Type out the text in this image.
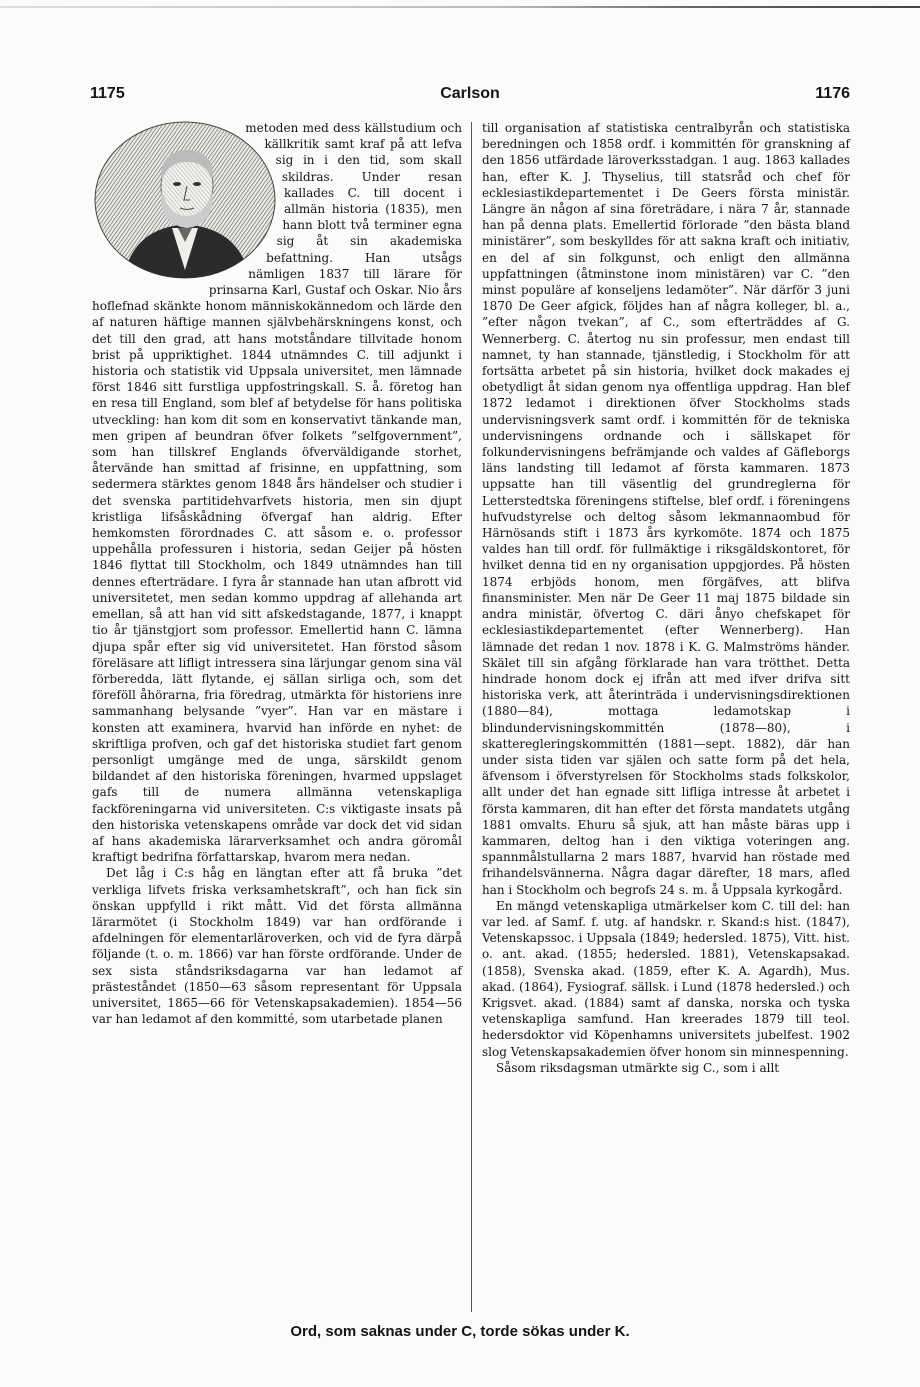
1175	Carlson	1176

metoden med dess källstudium och källkritik samt kraf på att lefva sig in i den tid, som skall skildras. Under resan kallades C. till docent i allmän historia (1835), men hann blott två terminer egna sig åt sin akademiska befattning. Han utsågs nämligen 1837 till lärare för prinsarna Karl, Gustaf och Oskar. Nio års hoflefnad skänkte honom människokännedom och lärde den af naturen häftige mannen självbehärskningens konst, och det till den grad, att hans motståndare tillvitade honom brist på uppriktighet. 1844 utnämndes C. till adjunkt i historia och statistik vid Uppsala universitet, men lämnade först 1846 sitt furstliga uppfostringskall. S. å. företog han en resa till England, som blef af betydelse för hans politiska utveckling: han kom dit som en konservativt tänkande man, men gripen af beundran öfver folkets ”selfgovernment”, som han tillskref Englands öfverväldigande storhet, återvände han smittad af frisinne, en uppfattning, som sedermera stärktes genom 1848 års händelser och studier i det svenska partitidehvarfvets historia, men sin djupt kristliga lifsåskådning öfvergaf han aldrig. Efter hemkomsten förordnades C. att såsom e. o. professor uppehålla professuren i historia, sedan Geijer på hösten 1846 flyttat till Stockholm, och 1849 utnämndes han till dennes efterträdare. I fyra år stannade han utan afbrott vid universitetet, men sedan kommo uppdrag af allehanda art emellan, så att han vid sitt afskedstagande, 1877, i knappt tio år tjänstgjort som professor. Emellertid hann C. lämna djupa spår efter sig vid universitetet. Han förstod såsom föreläsare att lifligt intressera sina lärjungar genom sina väl förberedda, lätt flytande, ej sällan sirliga och, som det föreföll åhörarna, fria föredrag, utmärkta för historiens inre sammanhang belysande ”vyer”. Han var en mästare i konsten att examinera, hvarvid han införde en nyhet: de skriftliga profven, och gaf det historiska studiet fart genom personligt umgänge med de unga, särskildt genom bildandet af den historiska föreningen, hvarmed uppslaget gafs till de numera allmänna vetenskapliga fackföreningarna vid universiteten. C:s viktigaste insats på den historiska vetenskapens område var dock det vid sidan af hans akademiska lärarverksamhet och andra göromål kraftigt bedrifna författarskap, hvarom mera nedan.

Det låg i C:s håg en längtan efter att få bruka ”det verkliga lifvets friska verksamhetskraft”, och han fick sin önskan uppfylld i rikt mått. Vid det första allmänna lärarmötet (i Stockholm 1849) var han ordförande i afdelningen för elementarläroverken, och vid de fyra därpå följande (t. o. m. 1866) var han förste ordförande. Under de sex sista ståndsriksdagarna var han ledamot af prästeståndet (1850—63 såsom representant för Uppsala universitet, 1865—66 för Vetenskapsakademien). 1854—56 var han ledamot af den kommitté, som utarbetade planen

till organisation af statistiska centralbyrån och statistiska beredningen och 1858 ordf. i kommittén för granskning af den 1856 utfärdade läroverksstadgan. 1 aug. 1863 kallades han, efter K. J. Thyselius, till statsråd och chef för ecklesiastikdepartementet i De Geers första ministär. Längre än någon af sina företrädare, i nära 7 år, stannade han på denna plats. Emellertid förlorade ”den bästa bland ministärer”, som beskylldes för att sakna kraft och initiativ, en del af sin folkgunst, och enligt den allmänna uppfattningen (åtminstone inom ministären) var C. ”den minst populäre af konseljens ledamöter”. När därför 3 juni 1870 De Geer afgick, följdes han af några kolleger, bl. a., ”efter någon tvekan”, af C., som efterträddes af G. Wennerberg. C. återtog nu sin professur, men endast till namnet, ty han stannade, tjänstledig, i Stockholm för att fortsätta arbetet på sin historia, hvilket dock makades ej obetydligt åt sidan genom nya offentliga uppdrag. Han blef 1872 ledamot i direktionen öfver Stockholms stads undervisningsverk samt ordf. i kommittén för de tekniska undervisningens ordnande och i sällskapet för folkundervisningens befrämjande och valdes af Gäfleborgs läns landsting till ledamot af första kammaren. 1873 uppsatte han till väsentlig del grundreglerna för Letterstedtska föreningens stiftelse, blef ordf. i föreningens hufvudstyrelse och deltog såsom lekmannaombud för Härnösands stift i 1873 års kyrkomöte. 1874 och 1875 valdes han till ordf. för fullmäktige i riksgäldskontoret, för hvilket denna tid en ny organisation uppgjordes. På hösten 1874 erbjöds honom, men förgäfves, att blifva finansminister. Men när De Geer 11 maj 1875 bildade sin andra ministär, öfvertog C. däri ånyo chefskapet för ecklesiastikdepartementet (efter Wennerberg). Han lämnade det redan 1 nov. 1878 i K. G. Malmströms händer. Skälet till sin afgång förklarade han vara trötthet. Detta hindrade honom dock ej ifrån att med ifver drifva sitt historiska verk, att återinträda i undervisningsdirektionen (1880—84), mottaga ledamotskap i blindundervisningskommittén (1878—80), i skatteregleringskommittén (1881—sept. 1882), där han under sista tiden var själen och satte form på det hela, äfvensom i öfverstyrelsen för Stockholms stads folkskolor, allt under det han egnade sitt lifliga intresse åt arbetet i första kammaren, dit han efter det första mandatets utgång 1881 omvalts. Ehuru så sjuk, att han måste bäras upp i kammaren, deltog han i den viktiga voteringen ang. spannmålstullarna 2 mars 1887, hvarvid han röstade med frihandelsvännerna. Några dagar därefter, 18 mars, afled han i Stockholm och begrofs 24 s. m. å Uppsala kyrkogård.

En mängd vetenskapliga utmärkelser kom C. till del: han var led. af Samf. f. utg. af handskr. r. Skand:s hist. (1847), Vetenskapssoc. i Uppsala (1849; hedersled. 1875), Vitt. hist. o. ant. akad. (1855; hedersled. 1881), Vetenskapsakad. (1858), Svenska akad. (1859, efter K. A. Agardh), Mus. akad. (1864), Fysiograf. sällsk. i Lund (1878 hedersled.) och Krigsvet. akad. (1884) samt af danska, norska och tyska vetenskapliga samfund. Han kreerades 1879 till teol. hedersdoktor vid Köpenhamns universitets jubelfest. 1902 slog Vetenskapsakademien öfver honom sin minnespenning.

Såsom riksdagsman utmärkte sig C., som i allt

Ord, som saknas under C, torde sökas under K.
